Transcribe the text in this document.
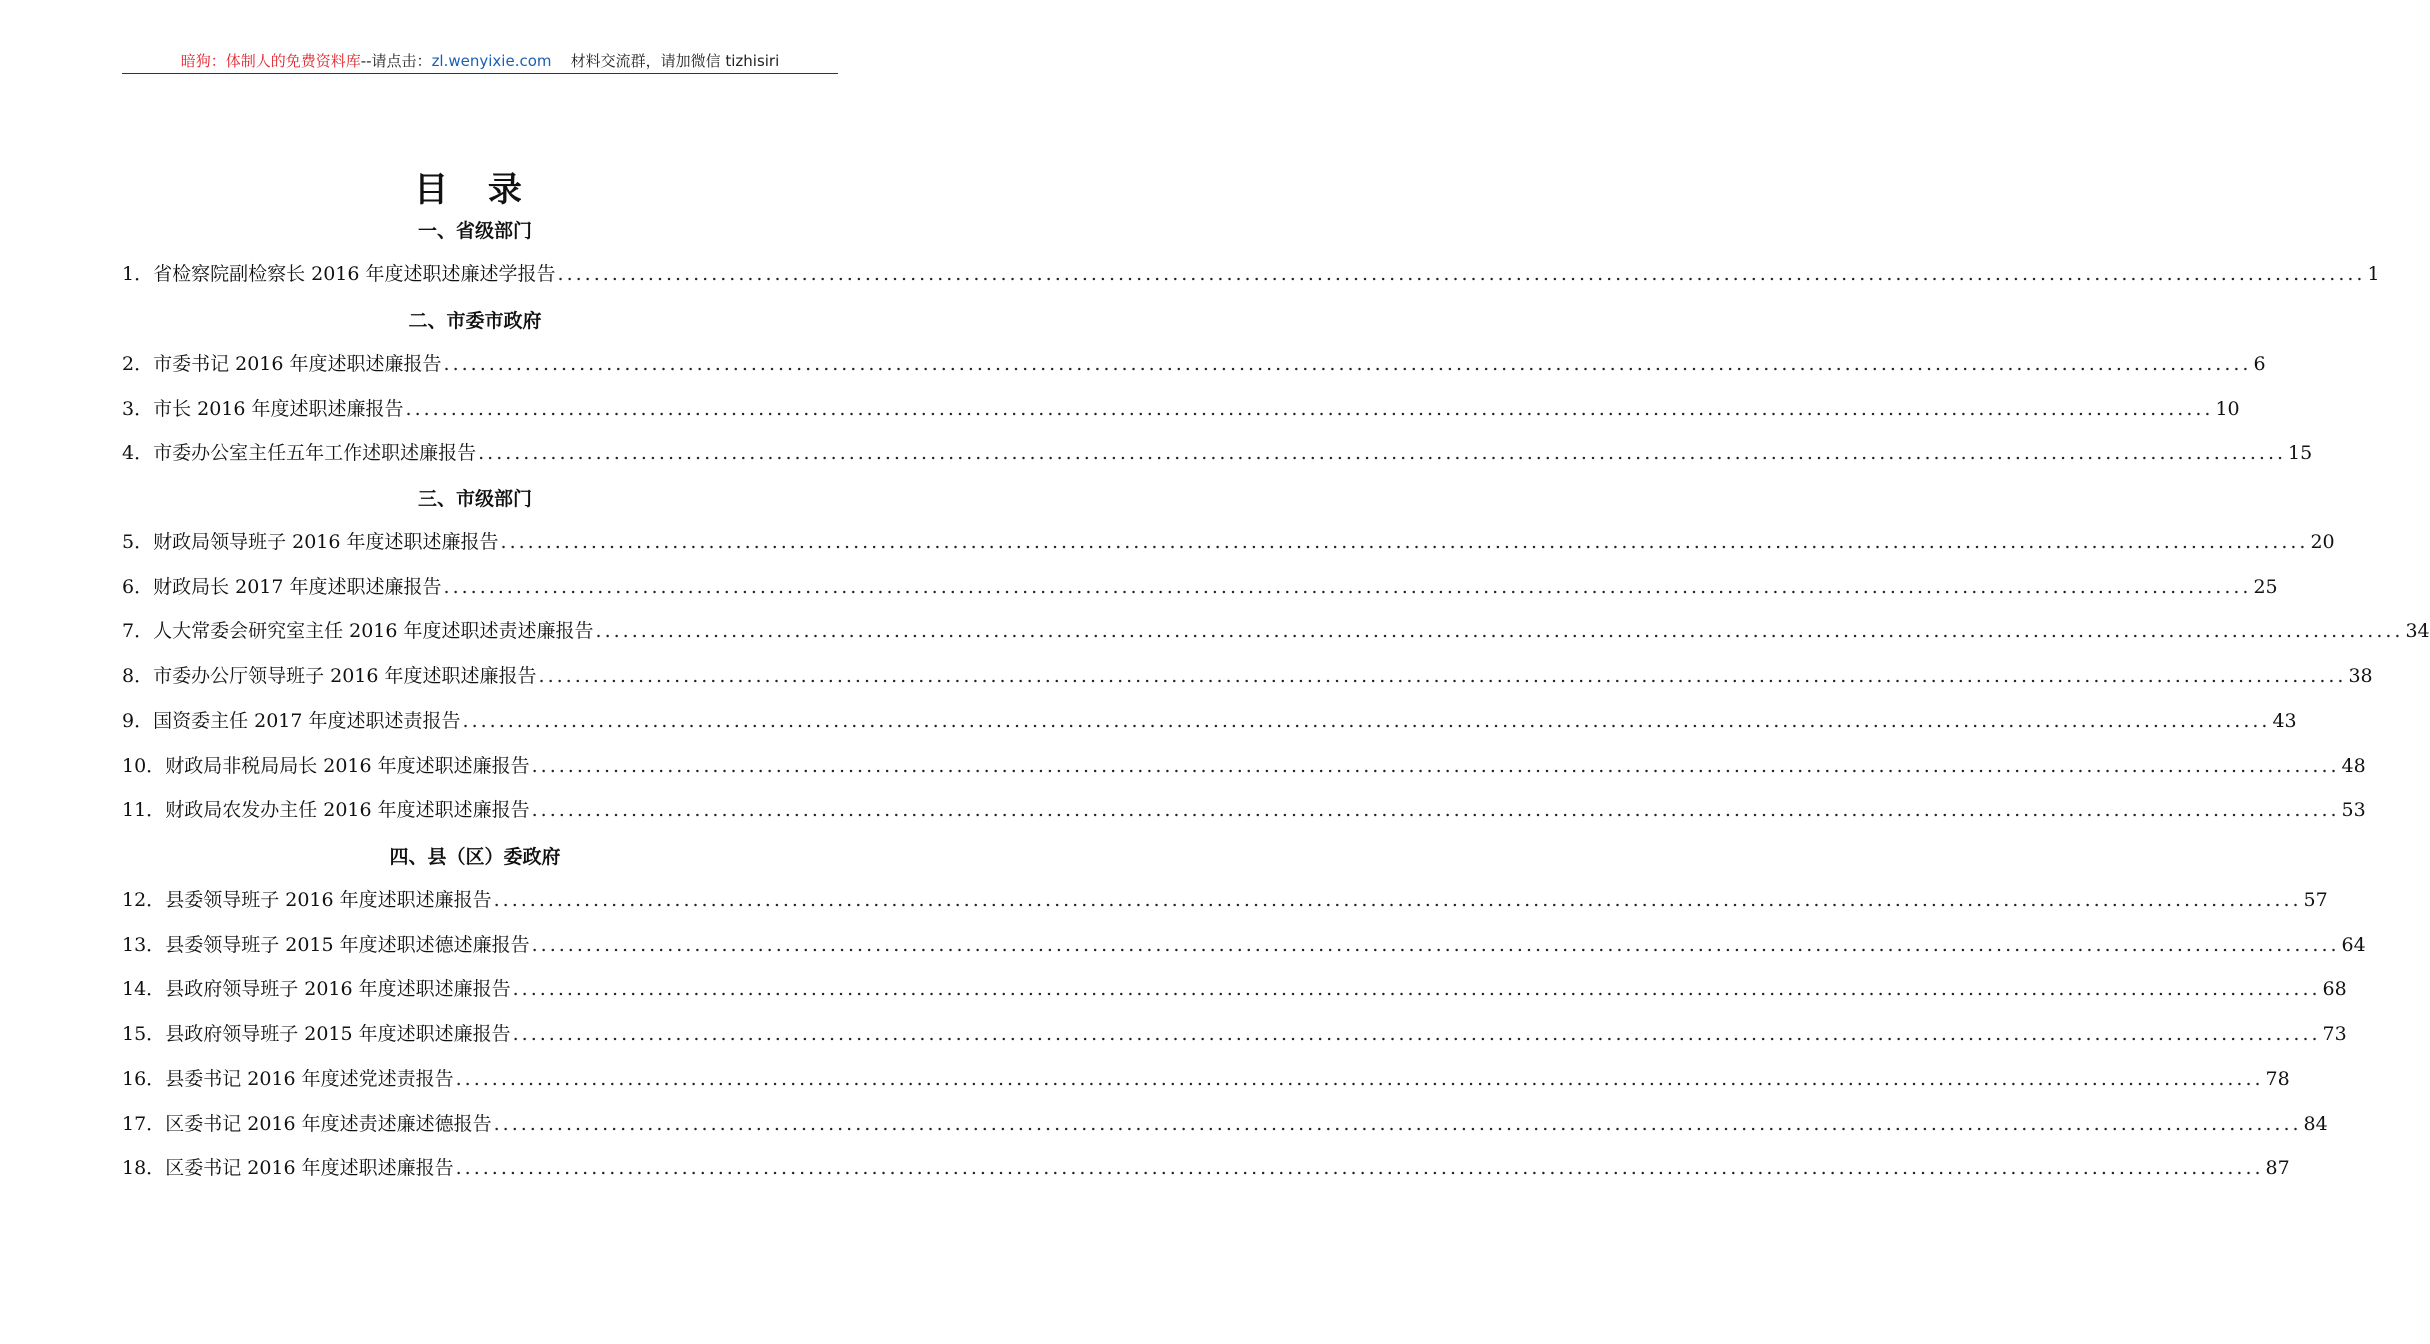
暗狗：体制人的免费资料库--请点击：zl.wenyixie.com 材料交流群，请加微信 tizhisiri
目 录
一、省级部门
1． 省检察院副检察长 2016 年度述职述廉述学报告 ........................................................................................................................................................................................................ 1
二、市委市政府
2． 市委书记 2016 年度述职述廉报告 ........................................................................................................................................................................................................ 6
3． 市长 2016 年度述职述廉报告 ........................................................................................................................................................................................................ 10
4． 市委办公室主任五年工作述职述廉报告 ........................................................................................................................................................................................................ 15
三、市级部门
5． 财政局领导班子 2016 年度述职述廉报告 ........................................................................................................................................................................................................ 20
6． 财政局长 2017 年度述职述廉报告 ........................................................................................................................................................................................................ 25
7． 人大常委会研究室主任 2016 年度述职述责述廉报告 ........................................................................................................................................................................................................ 34
8． 市委办公厅领导班子 2016 年度述职述廉报告 ........................................................................................................................................................................................................ 38
9． 国资委主任 2017 年度述职述责报告 ........................................................................................................................................................................................................ 43
10． 财政局非税局局长 2016 年度述职述廉报告 ........................................................................................................................................................................................................ 48
11． 财政局农发办主任 2016 年度述职述廉报告 ........................................................................................................................................................................................................ 53
四、县（区）委政府
12． 县委领导班子 2016 年度述职述廉报告 ........................................................................................................................................................................................................ 57
13． 县委领导班子 2015 年度述职述德述廉报告 ........................................................................................................................................................................................................ 64
14． 县政府领导班子 2016 年度述职述廉报告 ........................................................................................................................................................................................................ 68
15． 县政府领导班子 2015 年度述职述廉报告 ........................................................................................................................................................................................................ 73
16． 县委书记 2016 年度述党述责报告 ........................................................................................................................................................................................................ 78
17． 区委书记 2016 年度述责述廉述德报告 ........................................................................................................................................................................................................ 84
18． 区委书记 2016 年度述职述廉报告 ........................................................................................................................................................................................................ 87
